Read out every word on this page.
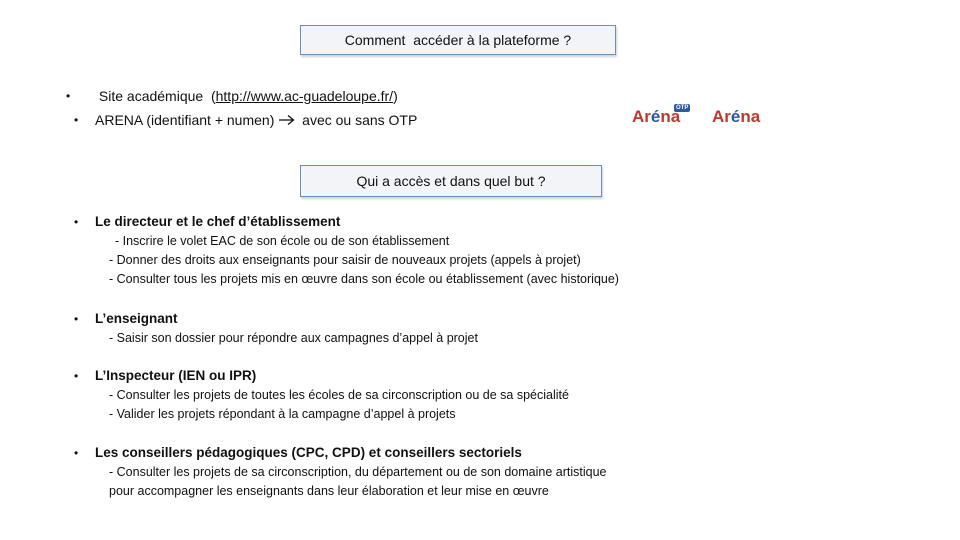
Comment  accéder à la plateforme ?
• Site académique  (http://www.ac-guadeloupe.fr/)
• ARENA (identifiant + numen)  avec ou sans OTP
OTP
Aréna Aréna
Qui a accès et dans quel but ?
• Le directeur et le chef d’établissement
- Inscrire le volet EAC de son école ou de son établissement
- Donner des droits aux enseignants pour saisir de nouveaux projets (appels à projet)
- Consulter tous les projets mis en œuvre dans son école ou établissement (avec historique)
• L’enseignant
- Saisir son dossier pour répondre aux campagnes d’appel à projet
• L’Inspecteur (IEN ou IPR)
- Consulter les projets de toutes les écoles de sa circonscription ou de sa spécialité
- Valider les projets répondant à la campagne d’appel à projets
• Les conseillers pédagogiques (CPC, CPD) et conseillers sectoriels
- Consulter les projets de sa circonscription, du département ou de son domaine artistique
pour accompagner les enseignants dans leur élaboration et leur mise en œuvre
